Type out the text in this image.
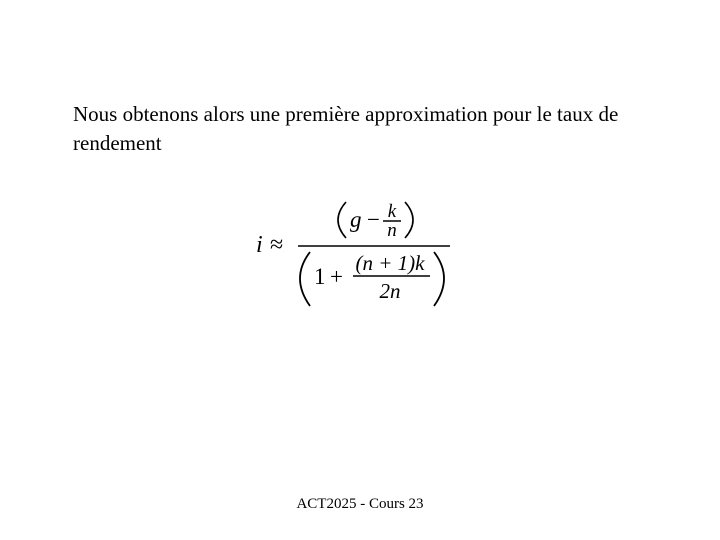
Nous obtenons alors une première approximation pour le taux de rendement
i ≈
g − k
n
1 +
(n + 1)k
2n
ACT2025 - Cours 23
